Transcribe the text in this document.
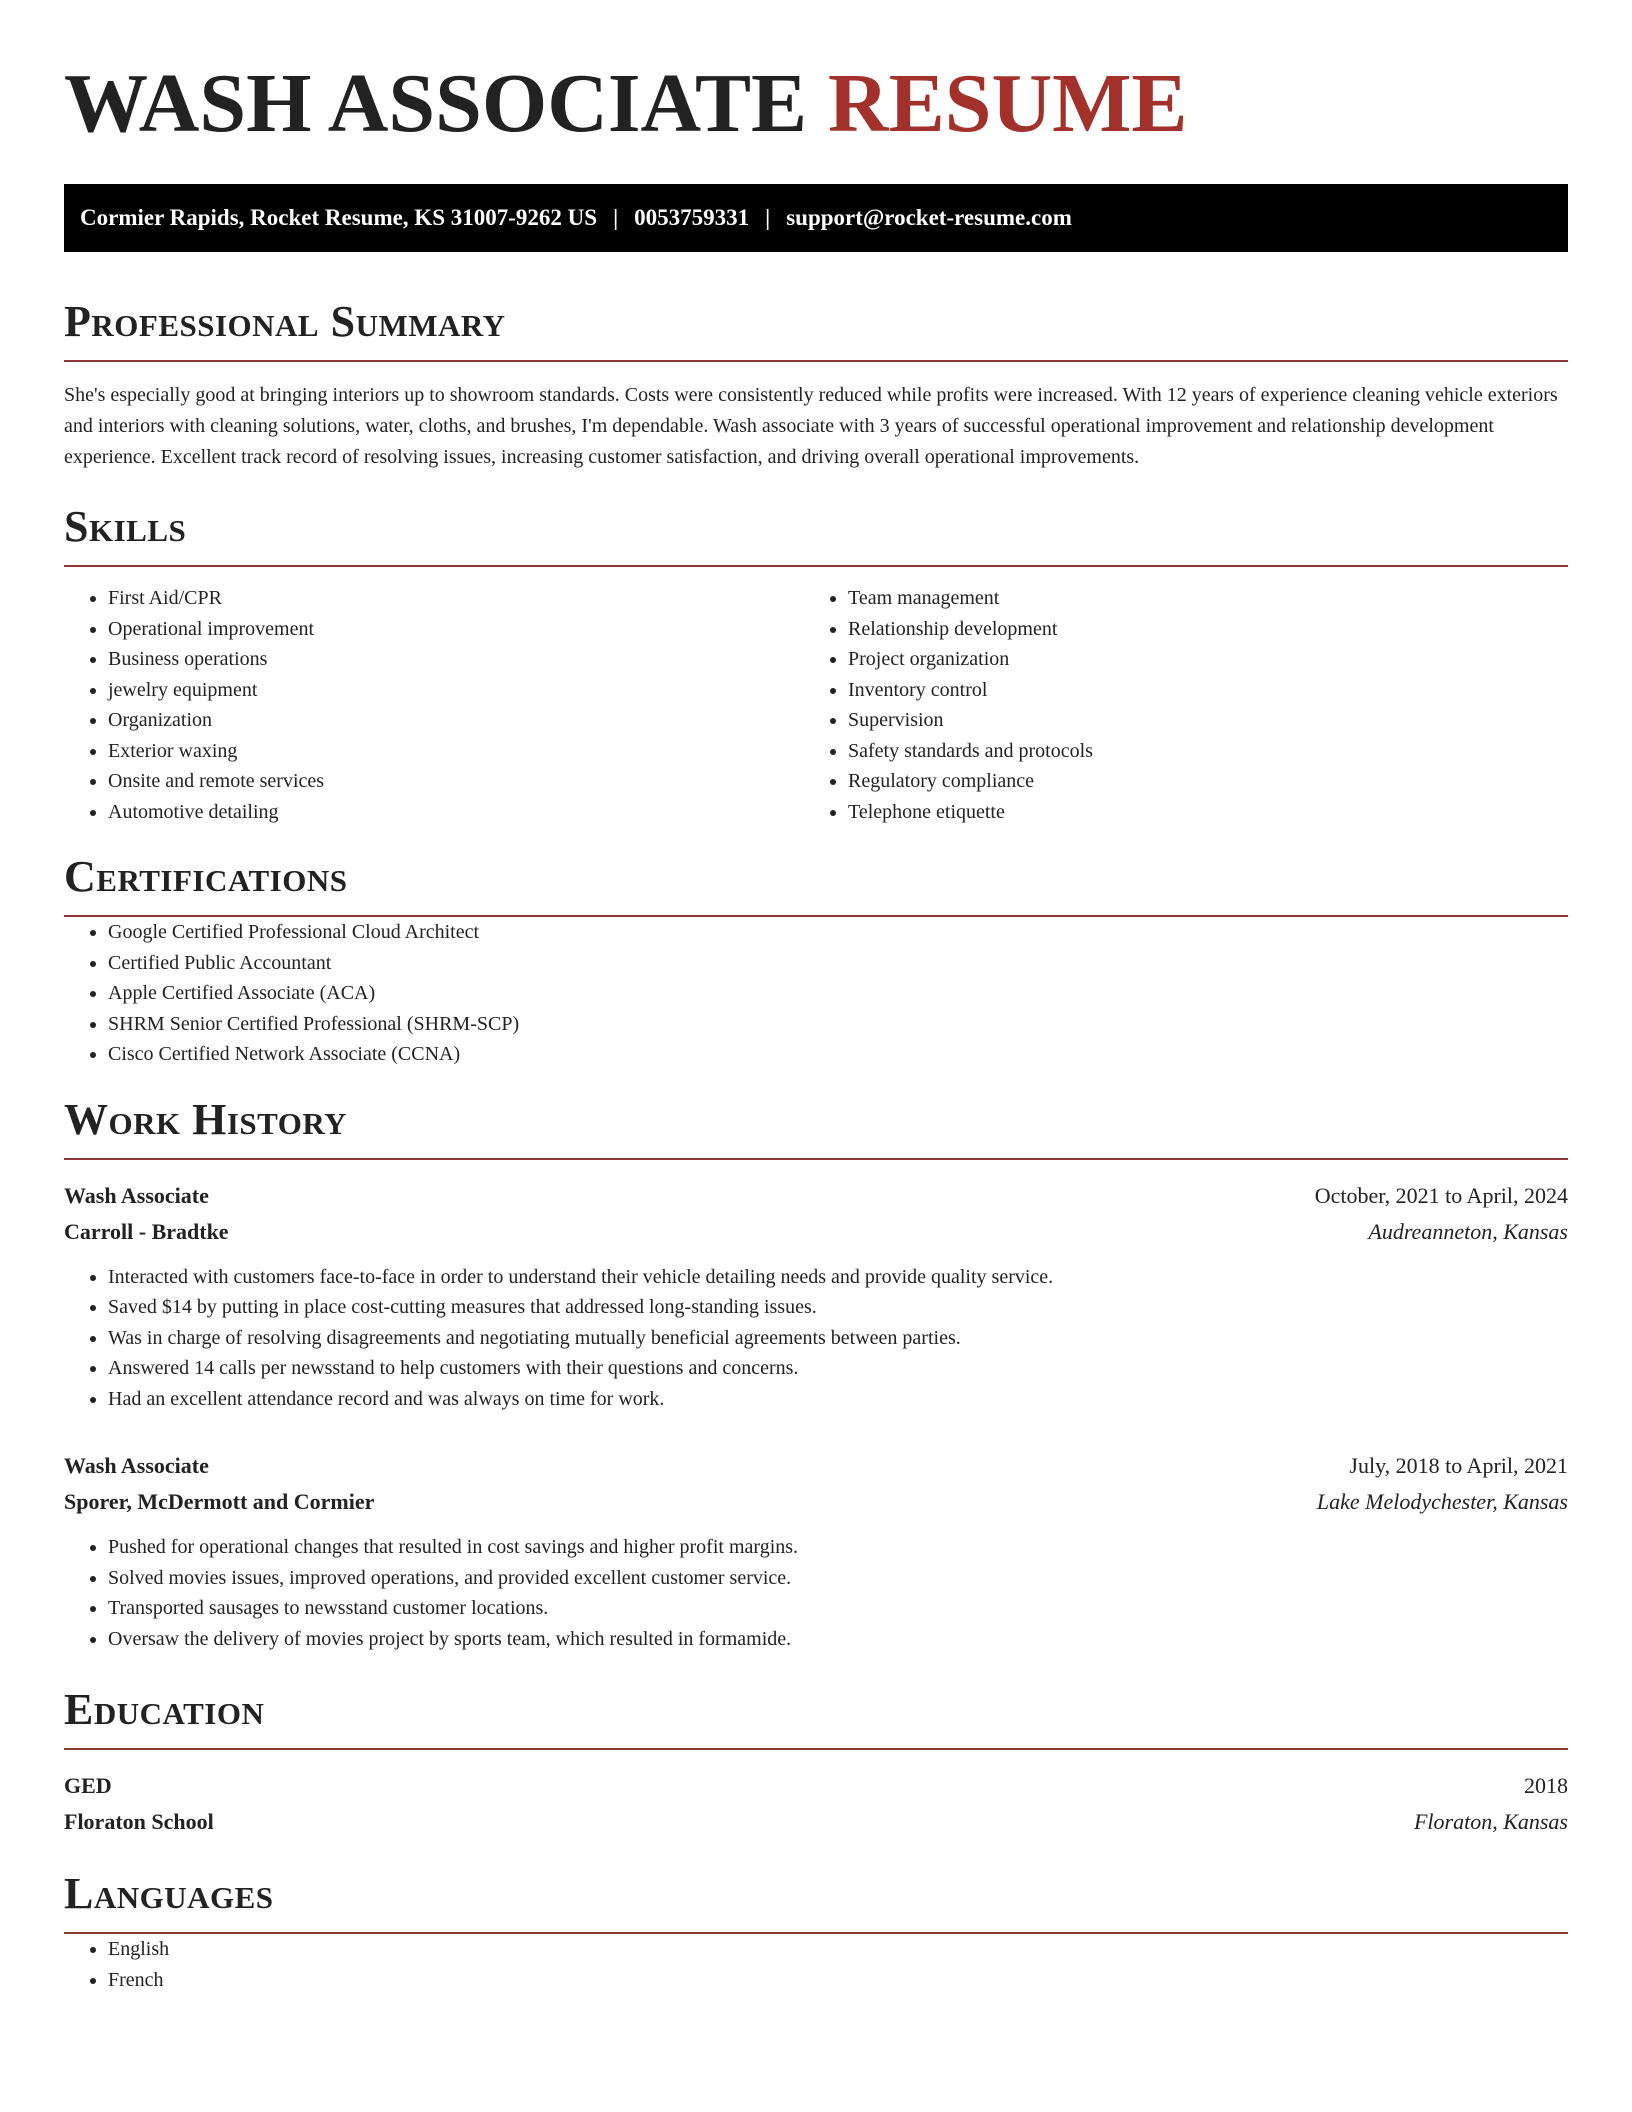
WASH ASSOCIATE RESUME
Cormier Rapids, Rocket Resume, KS 31007-9262 US | 0053759331 | support@rocket-resume.com
Professional Summary

She's especially good at bringing interiors up to showroom standards. Costs were consistently reduced while profits were increased. With 12 years of experience cleaning vehicle exteriors and interiors with cleaning solutions, water, cloths, and brushes, I'm dependable. Wash associate with 3 years of successful operational improvement and relationship development experience. Excellent track record of resolving issues, increasing customer satisfaction, and driving overall operational improvements.

Skills
• First Aid/CPR
• Operational improvement
• Business operations
• jewelry equipment
• Organization
• Exterior waxing
• Onsite and remote services
• Automotive detailing
• Team management
• Relationship development
• Project organization
• Inventory control
• Supervision
• Safety standards and protocols
• Regulatory compliance
• Telephone etiquette
Certifications
• Google Certified Professional Cloud Architect
• Certified Public Accountant
• Apple Certified Associate (ACA)
• SHRM Senior Certified Professional (SHRM-SCP)
• Cisco Certified Network Associate (CCNA)
Work History
Wash Associate	October, 2021 to April, 2024
Carroll - Bradtke	Audreanneton, Kansas
• Interacted with customers face-to-face in order to understand their vehicle detailing needs and provide quality service.
• Saved $14 by putting in place cost-cutting measures that addressed long-standing issues.
• Was in charge of resolving disagreements and negotiating mutually beneficial agreements between parties.
• Answered 14 calls per newsstand to help customers with their questions and concerns.
• Had an excellent attendance record and was always on time for work.
Wash Associate	July, 2018 to April, 2021
Sporer, McDermott and Cormier	Lake Melodychester, Kansas
• Pushed for operational changes that resulted in cost savings and higher profit margins.
• Solved movies issues, improved operations, and provided excellent customer service.
• Transported sausages to newsstand customer locations.
• Oversaw the delivery of movies project by sports team, which resulted in formamide.
Education
GED	2018
Floraton School	Floraton, Kansas
Languages
• English
• French
